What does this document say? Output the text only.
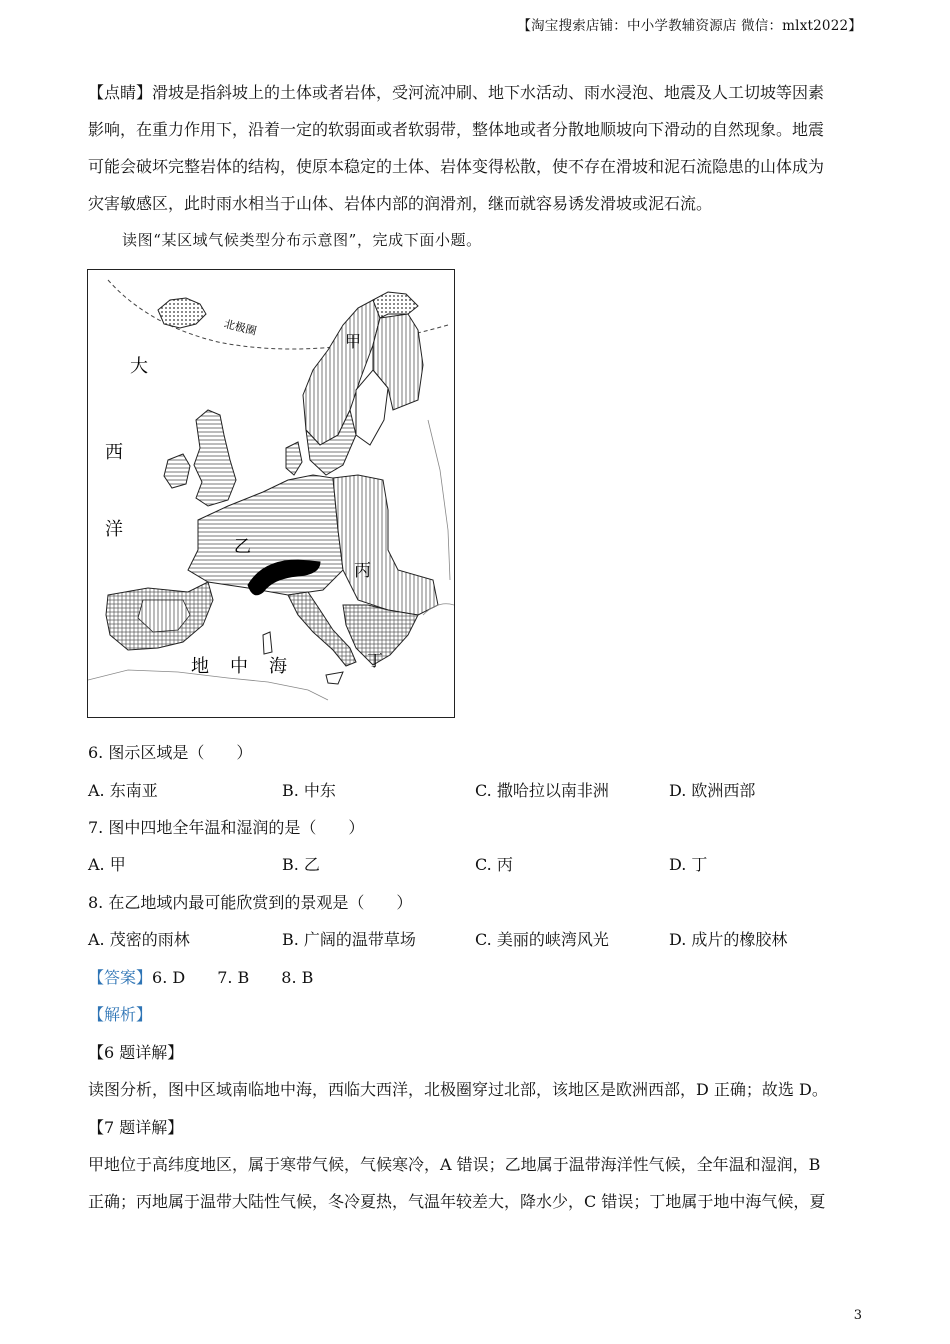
【淘宝搜索店铺：中小学教辅资源店 微信：mlxt2022】
【点睛】滑坡是指斜坡上的土体或者岩体，受河流冲刷、地下水活动、雨水浸泡、地震及人工切坡等因素
影响，在重力作用下，沿着一定的软弱面或者软弱带，整体地或者分散地顺坡向下滑动的自然现象。地震
可能会破坏完整岩体的结构，使原本稳定的土体、岩体变得松散，使不存在滑坡和泥石流隐患的山体成为
灾害敏感区，此时雨水相当于山体、岩体内部的润滑剂，继而就容易诱发滑坡或泥石流。
读图“某区域气候类型分布示意图”，完成下面小题。
北极圈
大
西
洋
地 中 海
甲
乙
丙
丁
6. 图示区域是（　　）
A. 东南亚	B. 中东	C. 撒哈拉以南非洲	D. 欧洲西部
7. 图中四地全年温和湿润的是（　　）
A. 甲	B. 乙	C. 丙	D. 丁
8. 在乙地域内最可能欣赏到的景观是（　　）
A. 茂密的雨林	B. 广阔的温带草场	C. 美丽的峡湾风光	D. 成片的橡胶林
【答案】6. D　　7. B　　8. B
【解析】
【6 题详解】
读图分析，图中区域南临地中海，西临大西洋，北极圈穿过北部，该地区是欧洲西部，D 正确；故选 D。
【7 题详解】
甲地位于高纬度地区，属于寒带气候，气候寒冷，A 错误；乙地属于温带海洋性气候，全年温和湿润，B
正确；丙地属于温带大陆性气候，冬冷夏热，气温年较差大，降水少，C 错误；丁地属于地中海气候，夏
3
